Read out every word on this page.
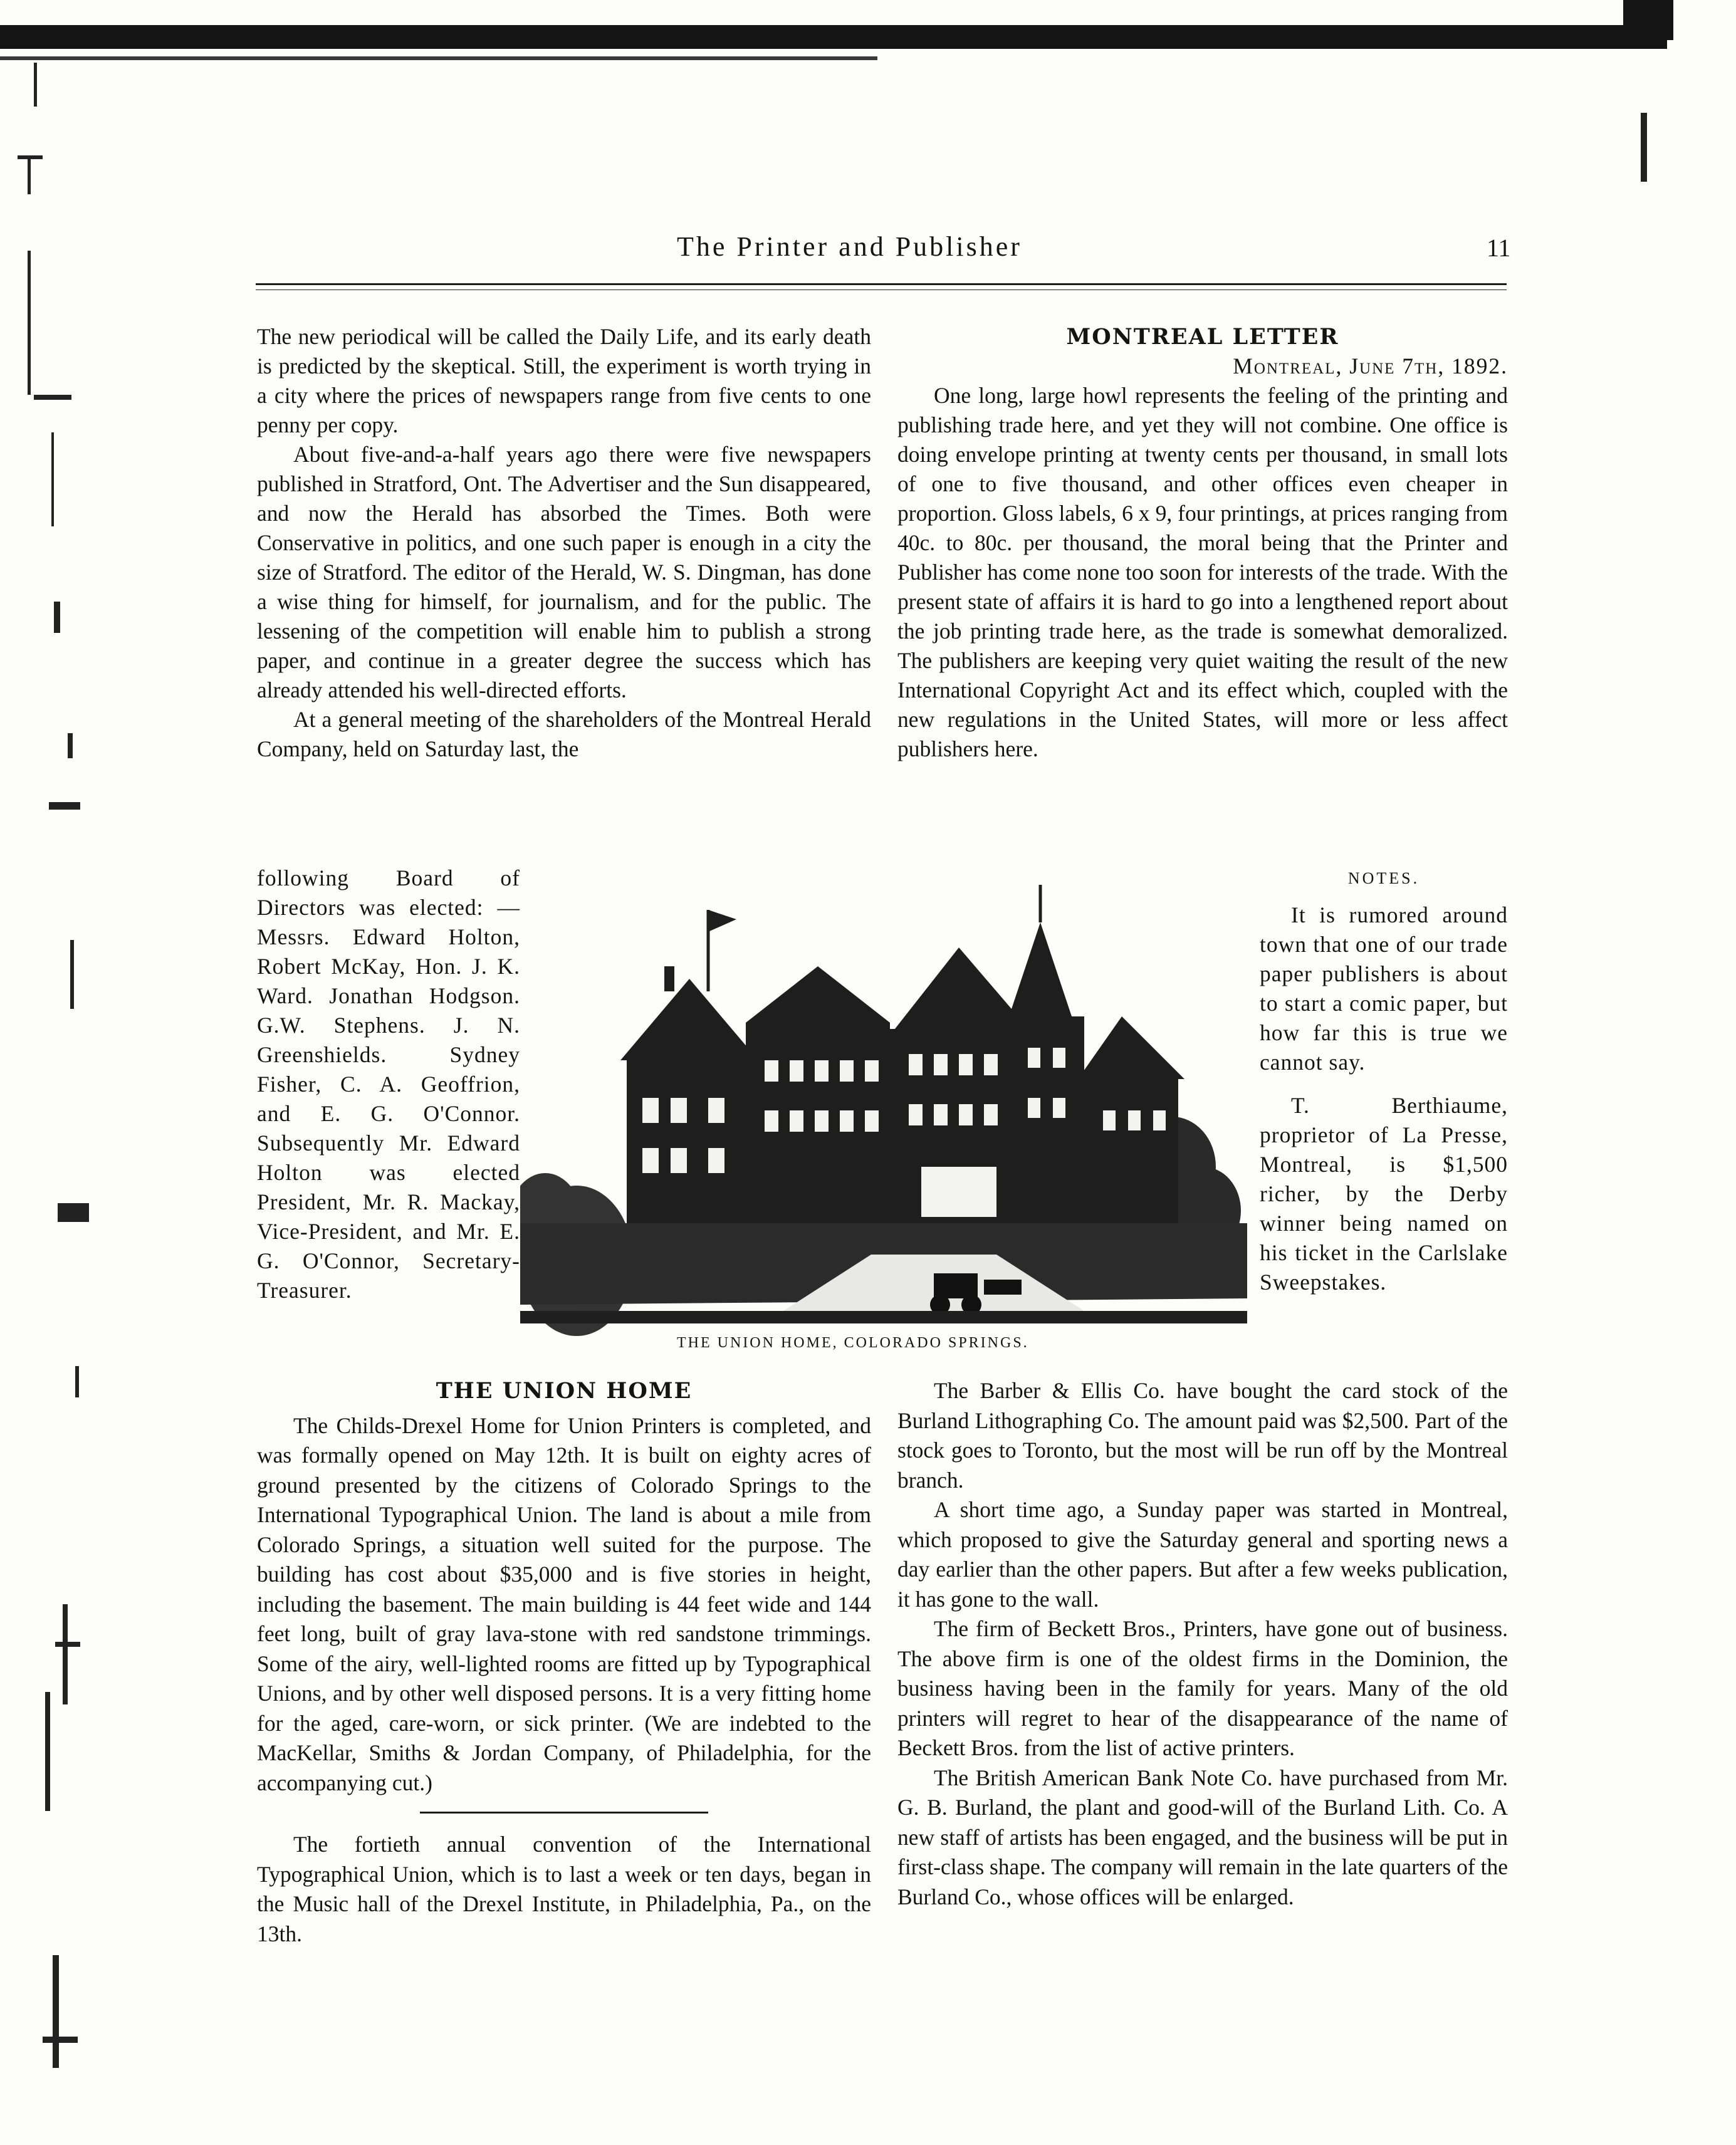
The Printer and Publisher	11

The new periodical will be called the Daily Life, and its early death is predicted by the skeptical. Still, the experiment is worth trying in a city where the prices of newspapers range from five cents to one penny per copy.

About five-and-a-half years ago there were five newspapers published in Stratford, Ont. The Advertiser and the Sun disappeared, and now the Herald has absorbed the Times. Both were Conservative in politics, and one such paper is enough in a city the size of Stratford. The editor of the Herald, W. S. Dingman, has done a wise thing for himself, for journalism, and for the public. The lessening of the competition will enable him to publish a strong paper, and continue in a greater degree the success which has already attended his well-directed efforts.

At a general meeting of the shareholders of the Montreal Herald Company, held on Saturday last, the

following Board of Directors was elected: —Messrs. Edward Holton, Robert McKay, Hon. J. K. Ward. Jonathan Hodgson. G.W. Stephens. J. N. Greenshields. Sydney Fisher, C. A. Geoffrion, and E. G. O'Connor. Subsequently Mr. Edward Holton was elected President, Mr. R. Mackay, Vice-President, and Mr. E. G. O'Connor, Secretary-Treasurer.

MONTREAL LETTER

Montreal, June 7th, 1892.

One long, large howl represents the feeling of the printing and publishing trade here, and yet they will not combine. One office is doing envelope printing at twenty cents per thousand, in small lots of one to five thousand, and other offices even cheaper in proportion. Gloss labels, 6 x 9, four printings, at prices ranging from 40c. to 80c. per thousand, the moral being that the Printer and Publisher has come none too soon for interests of the trade. With the present state of affairs it is hard to go into a lengthened report about the job printing trade here, as the trade is somewhat demoralized. The publishers are keeping very quiet waiting the result of the new International Copyright Act and its effect which, coupled with the new regulations in the United States, will more or less affect publishers here.

NOTES.

It is rumored around town that one of our trade paper publishers is about to start a comic paper, but how far this is true we cannot say.

T. Berthiaume, proprietor of La Presse, Montreal, is $1,500 richer, by the Derby winner being named on his ticket in the Carlslake Sweepstakes.

THE UNION HOME, COLORADO SPRINGS.

THE UNION HOME

The Childs-Drexel Home for Union Printers is completed, and was formally opened on May 12th. It is built on eighty acres of ground presented by the citizens of Colorado Springs to the International Typographical Union. The land is about a mile from Colorado Springs, a situation well suited for the purpose. The building has cost about $35,000 and is five stories in height, including the basement. The main building is 44 feet wide and 144 feet long, built of gray lava-stone with red sandstone trimmings. Some of the airy, well-lighted rooms are fitted up by Typographical Unions, and by other well disposed persons. It is a very fitting home for the aged, care-worn, or sick printer. (We are indebted to the MacKellar, Smiths & Jordan Company, of Philadelphia, for the accompanying cut.)

The fortieth annual convention of the International Typographical Union, which is to last a week or ten days, began in the Music hall of the Drexel Institute, in Philadelphia, Pa., on the 13th.

The Barber & Ellis Co. have bought the card stock of the Burland Lithographing Co. The amount paid was $2,500. Part of the stock goes to Toronto, but the most will be run off by the Montreal branch.

A short time ago, a Sunday paper was started in Montreal, which proposed to give the Saturday general and sporting news a day earlier than the other papers. But after a few weeks publication, it has gone to the wall.

The firm of Beckett Bros., Printers, have gone out of business. The above firm is one of the oldest firms in the Dominion, the business having been in the family for years. Many of the old printers will regret to hear of the disappearance of the name of Beckett Bros. from the list of active printers.

The British American Bank Note Co. have purchased from Mr. G. B. Burland, the plant and good-will of the Burland Lith. Co. A new staff of artists has been engaged, and the business will be put in first-class shape. The company will remain in the late quarters of the Burland Co., whose offices will be enlarged.
